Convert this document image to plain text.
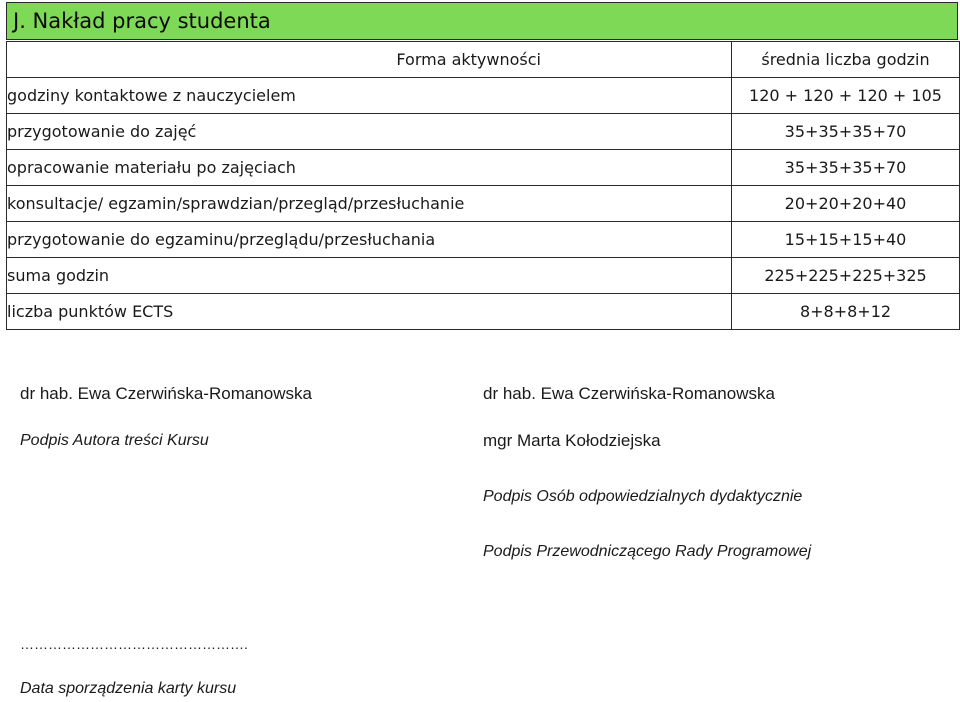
J. Nakład pracy studenta
Forma aktywności	średnia liczba godzin
godziny kontaktowe z nauczycielem	120 + 120 + 120 + 105
przygotowanie do zajęć	35+35+35+70
opracowanie materiału po zajęciach	35+35+35+70
konsultacje/ egzamin/sprawdzian/przegląd/przesłuchanie	20+20+20+40
przygotowanie do egzaminu/przeglądu/przesłuchania	15+15+15+40
suma godzin	225+225+225+325
liczba punktów ECTS	8+8+8+12
dr hab. Ewa Czerwińska-Romanowska
Podpis Autora treści Kursu
dr hab. Ewa Czerwińska-Romanowska
mgr Marta Kołodziejska
Podpis Osób odpowiedzialnych dydaktycznie
Podpis Przewodniczącego Rady Programowej
………………………………………….
Data sporządzenia karty kursu
